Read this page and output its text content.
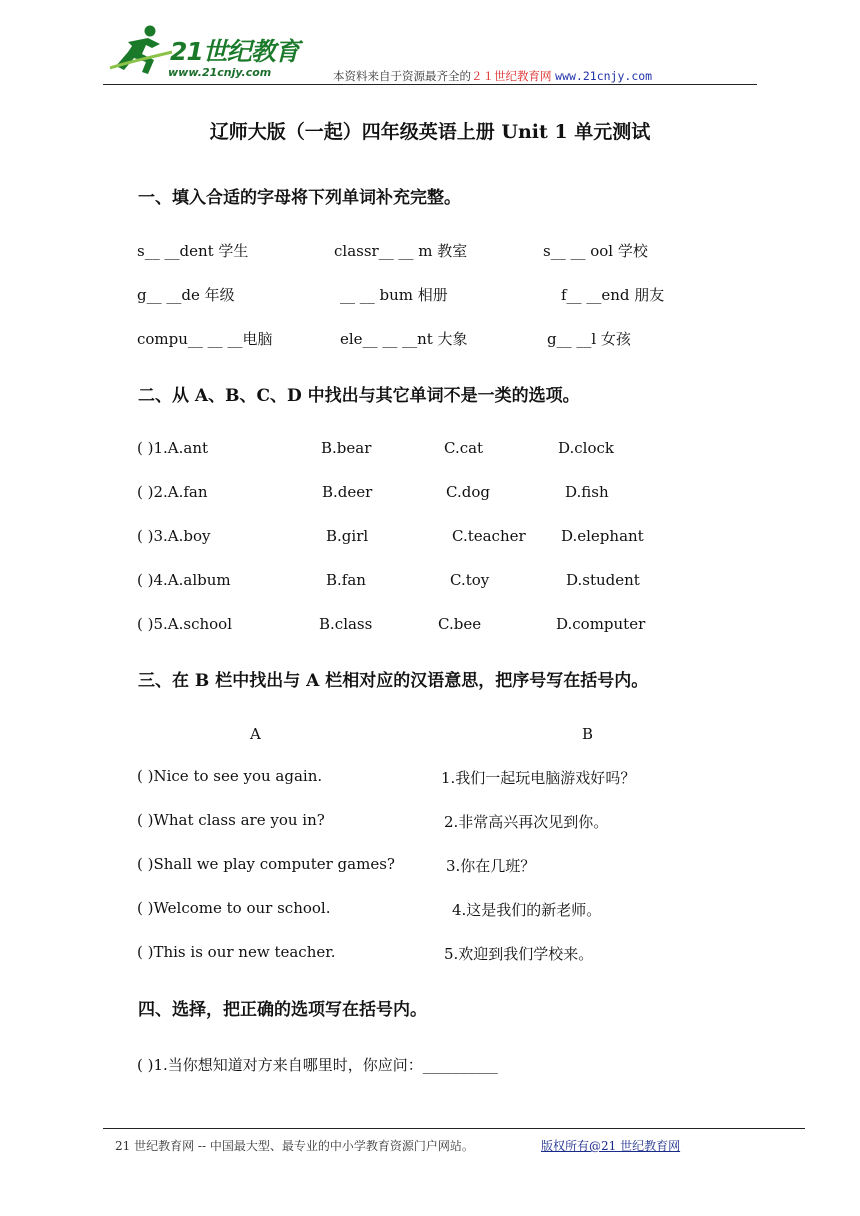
21世纪教育
www.21cnjy.com	本资料来自于资源最齐全的２１世纪教育网 www.21cnjy.com
辽师大版（一起）四年级英语上册 Unit 1 单元测试
一、填入合适的字母将下列单词补充完整。
s__ __dent 学生	classr__ __ m 教室	s__ __ ool 学校
g__ __de 年级	__ __ bum 相册	f__ __end 朋友
compu__ __ __电脑	ele__ __ __nt 大象	g__ __l 女孩
二、从 A、B、C、D 中找出与其它单词不是一类的选项。
( )1.A.ant	B.bear	C.cat	D.clock
( )2.A.fan	B.deer	C.dog	D.fish
( )3.A.boy	B.girl	C.teacher D.elephant
( )4.A.album	B.fan	C.toy	D.student
( )5.A.school	B.class	C.bee	D.computer
三、在 B 栏中找出与 A 栏相对应的汉语意思，把序号写在括号内。
A	B
( )Nice to see you again.	1.我们一起玩电脑游戏好吗？
( )What class are you in?	2.非常高兴再次见到你。
( )Shall we play computer games?	3.你在几班？
( )Welcome to our school.	4.这是我们的新老师。
( )This is our new teacher.	5.欢迎到我们学校来。
四、选择，把正确的选项写在括号内。
( )1.当你想知道对方来自哪里时，你应问：__________
21 世纪教育网 -- 中国最大型、最专业的中小学教育资源门户网站。	版权所有@21 世纪教育网
